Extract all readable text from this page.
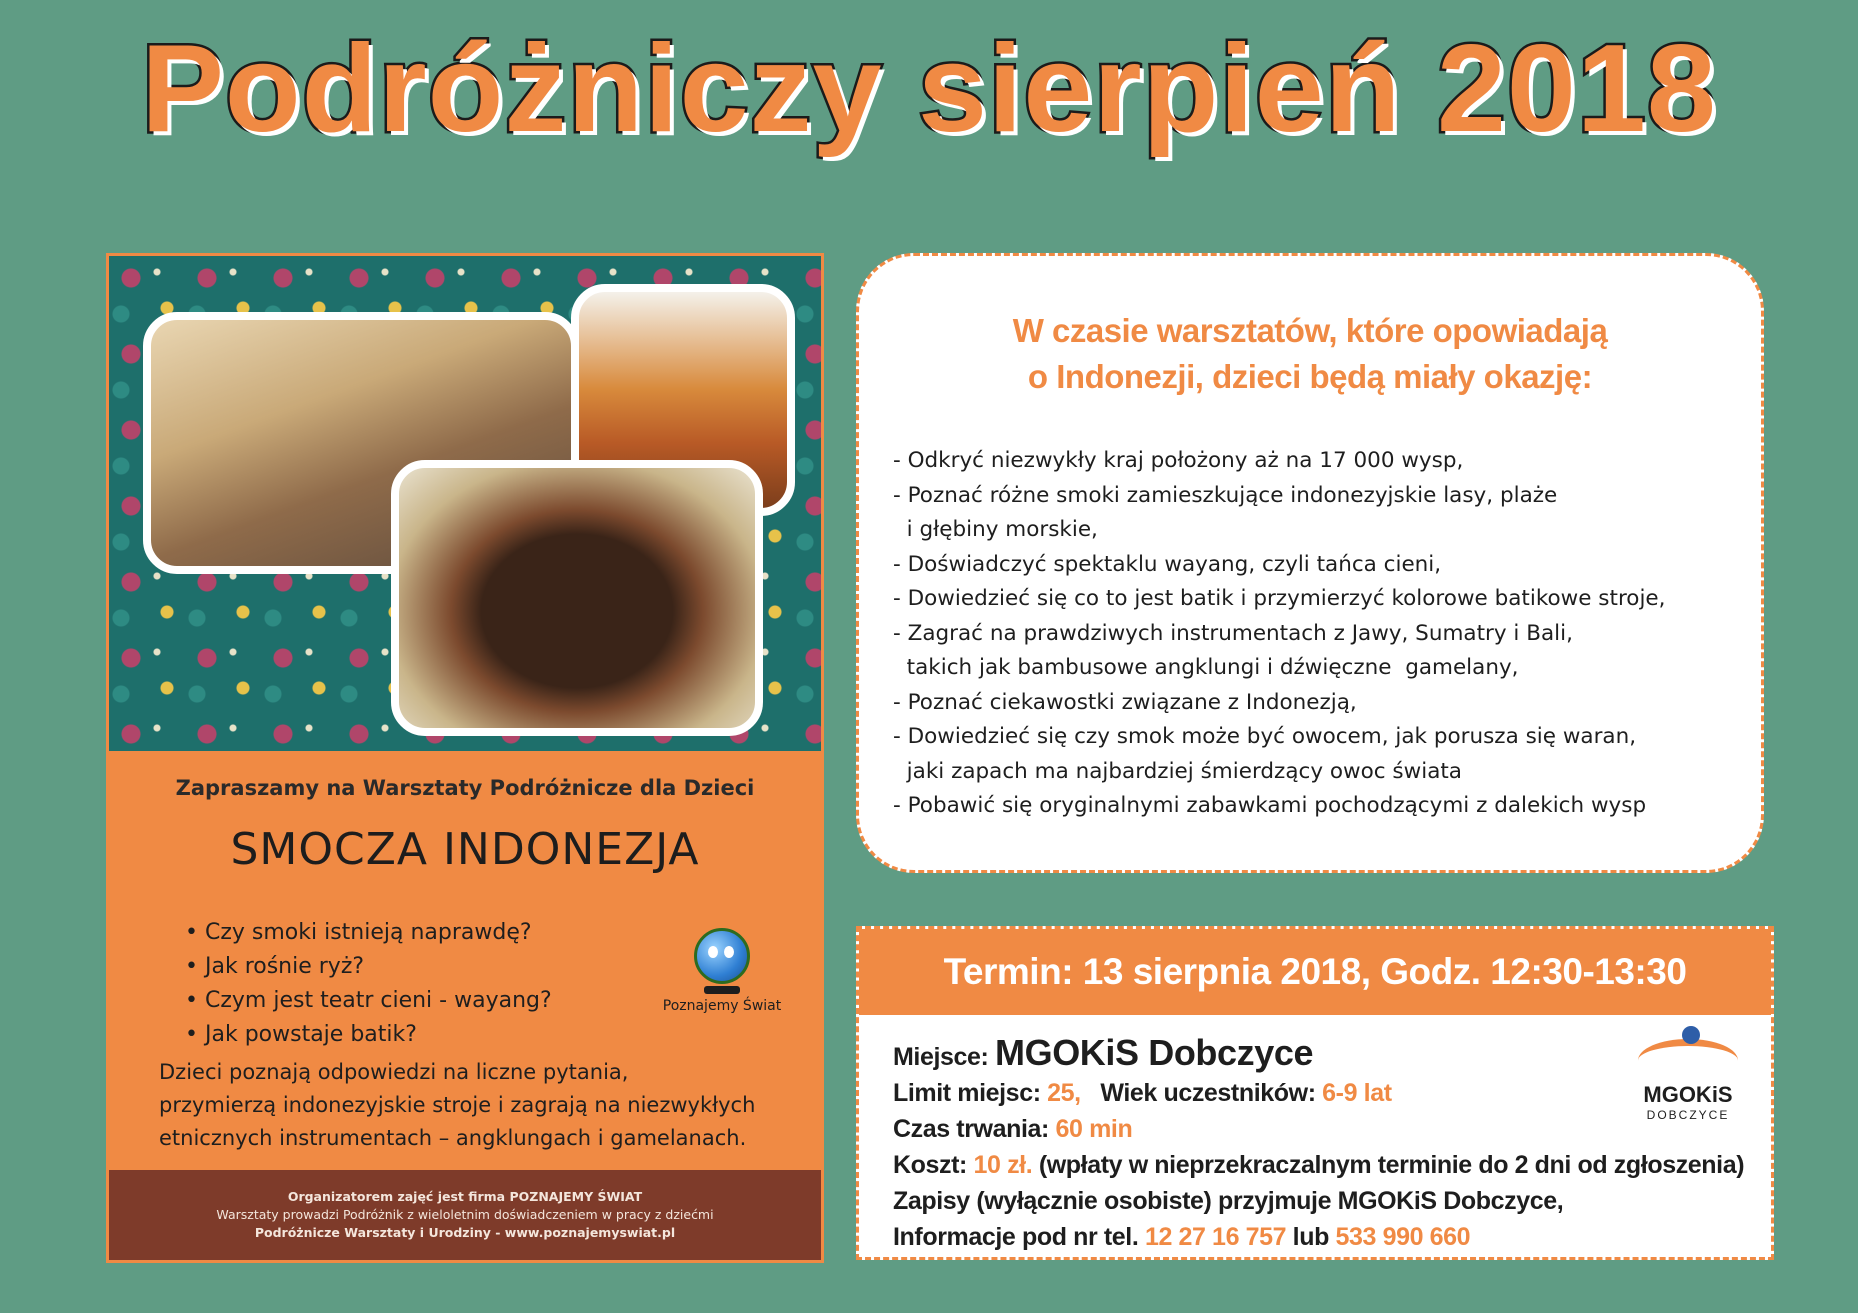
Podróżniczy sierpień 2018
Zapraszamy na Warsztaty Podróżnicze dla Dzieci
SMOCZA INDONEZJA
• Czy smoki istnieją naprawdę?
• Jak rośnie ryż?
• Czym jest teatr cieni - wayang?
• Jak powstaje batik?
Poznajemy Świat
Dzieci poznają odpowiedzi na liczne pytania,
przymierzą indonezyjskie stroje i zagrają na niezwykłych
etnicznych instrumentach – angklungach i gamelanach.
Organizatorem zajęć jest firma POZNAJEMY ŚWIAT
Warsztaty prowadzi Podróżnik z wieloletnim doświadczeniem w pracy z dziećmi
Podróżnicze Warsztaty i Urodziny - www.poznajemyswiat.pl
W czasie warsztatów, które opowiadają
o Indonezji, dzieci będą miały okazję:
- Odkryć niezwykły kraj położony aż na 17 000 wysp,
- Poznać różne smoki zamieszkujące indonezyjskie lasy, plaże
i głębiny morskie,
- Doświadczyć spektaklu wayang, czyli tańca cieni,
- Dowiedzieć się co to jest batik i przymierzyć kolorowe batikowe stroje,
- Zagrać na prawdziwych instrumentach z Jawy, Sumatry i Bali,
takich jak bambusowe angklungi i dźwięczne  gamelany,
- Poznać ciekawostki związane z Indonezją,
- Dowiedzieć się czy smok może być owocem, jak porusza się waran,
jaki zapach ma najbardziej śmierdzący owoc świata
- Pobawić się oryginalnymi zabawkami pochodzącymi z dalekich wysp
Termin: 13 sierpnia 2018, Godz. 12:30-13:30
Miejsce: MGOKiS Dobczyce
Limit miejsc: 25, Wiek uczestników: 6-9 lat
Czas trwania: 60 min
Koszt: 10 zł. (wpłaty w nieprzekraczalnym terminie do 2 dni od zgłoszenia)
Zapisy (wyłącznie osobiste) przyjmuje MGOKiS Dobczyce,
Informacje pod nr tel. 12 27 16 757 lub 533 990 660
MGOKiS
DOBCZYCE
